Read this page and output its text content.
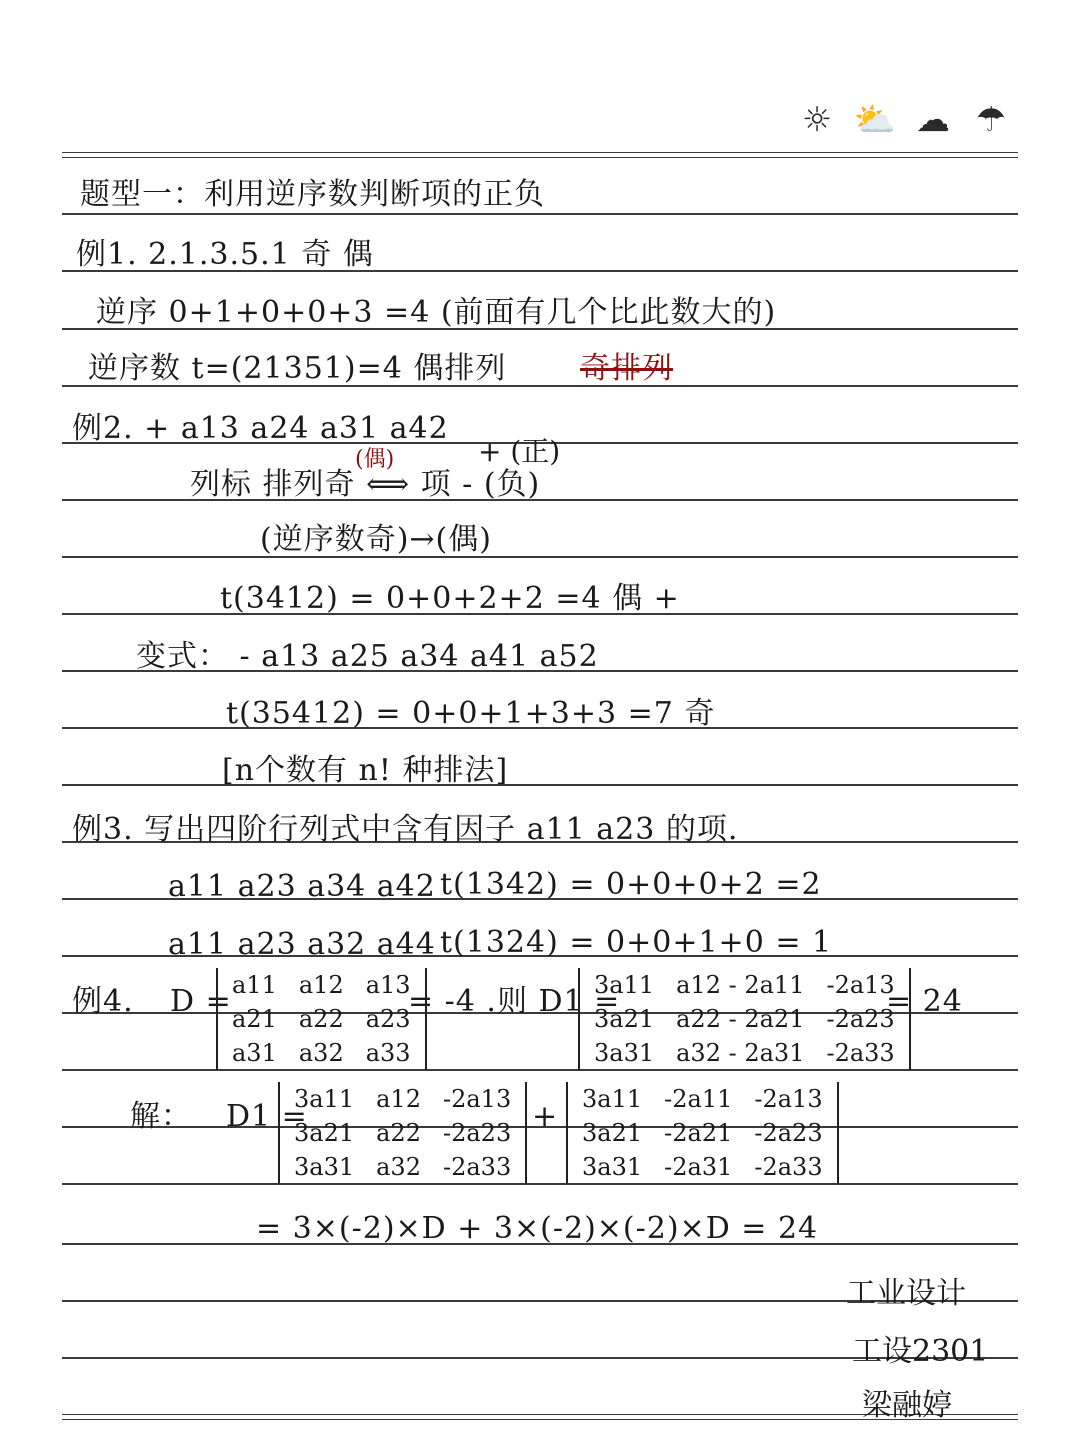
☼ ⛅ ☁ ☂
题型一：利用逆序数判断项的正负
例1. 2.1.3.5.1 奇 偶
逆序 0+1+0+0+3 =4 (前面有几个比此数大的)
逆序数 t=(21351)=4 偶排列 奇排列
例2. + a13 a24 a31 a42
+ (正)
(偶)
列标 排列奇 ⟺ 项 - (负)
(逆序数奇)→(偶)
t(3412) = 0+0+2+2 =4 偶 +
变式： - a13 a25 a34 a41 a52
t(35412) = 0+0+1+3+3 =7 奇
[n个数有 n! 种排法]
例3. 写出四阶行列式中含有因子 a11 a23 的项.
a11 a23 a34 a42 t(1342) = 0+0+0+2 =2
a11 a23 a32 a44 t(1324) = 0+0+1+0 = 1
例4. D = a11 a12 a13
a21 a22 a23
a31 a32 a33
= -4 .则 D1 =
3a11 a12 - 2a11 -2a13
3a21 a22 - 2a21 -2a23
3a31 a32 - 2a31 -2a33
= 24
解： D1 =
3a11 a12 -2a13
3a21 a22 -2a23
3a31 a32 -2a33
+ 3a11 -2a11 -2a13
3a21 -2a21 -2a23
3a31 -2a31 -2a33
= 3×(-2)×D + 3×(-2)×(-2)×D = 24
工业设计
工设2301
梁融婷
